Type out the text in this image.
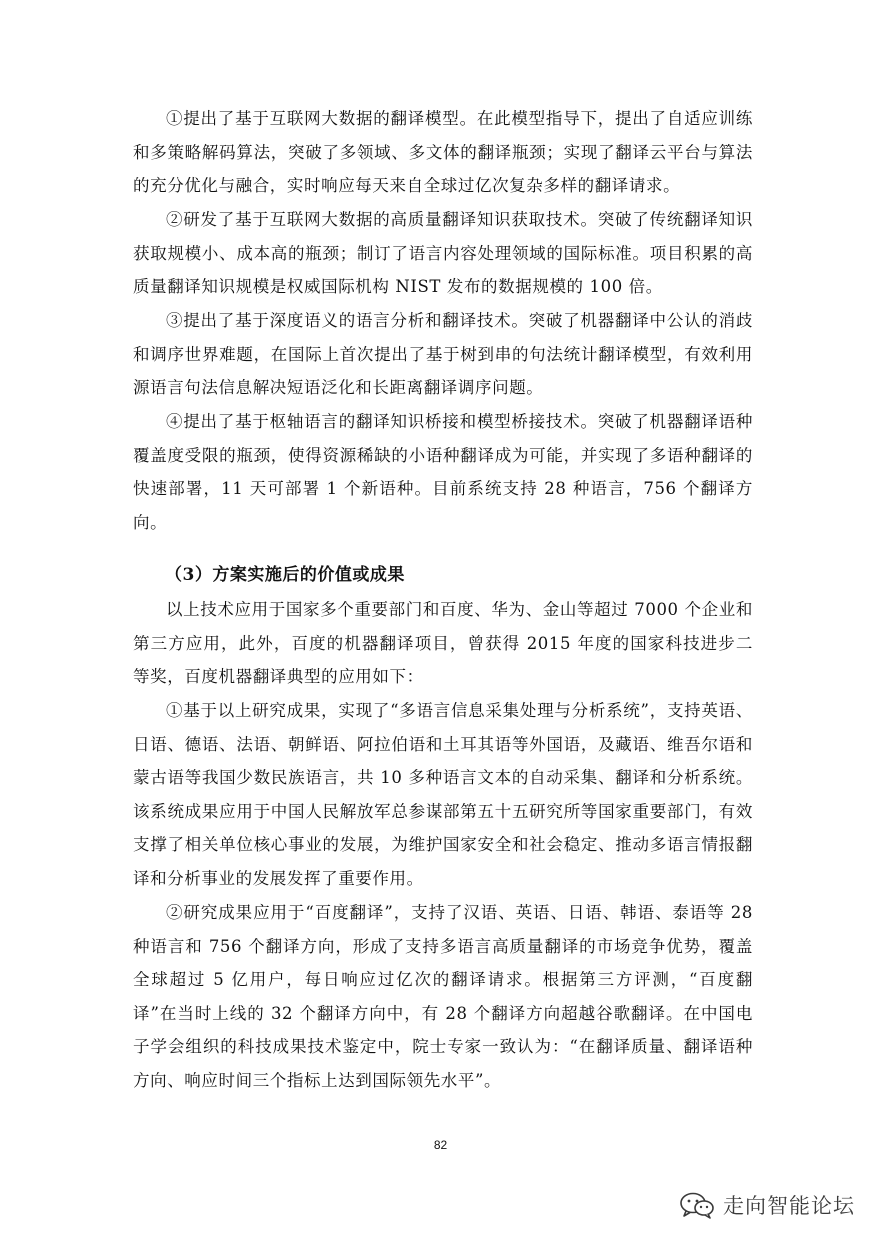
①提出了基于互联网大数据的翻译模型。在此模型指导下，提出了自适应训练和多策略解码算法，突破了多领域、多文体的翻译瓶颈；实现了翻译云平台与算法的充分优化与融合，实时响应每天来自全球过亿次复杂多样的翻译请求。

②研发了基于互联网大数据的高质量翻译知识获取技术。突破了传统翻译知识获取规模小、成本高的瓶颈；制订了语言内容处理领域的国际标准。项目积累的高质量翻译知识规模是权威国际机构 NIST 发布的数据规模的 100 倍。

③提出了基于深度语义的语言分析和翻译技术。突破了机器翻译中公认的消歧和调序世界难题，在国际上首次提出了基于树到串的句法统计翻译模型，有效利用源语言句法信息解决短语泛化和长距离翻译调序问题。

④提出了基于枢轴语言的翻译知识桥接和模型桥接技术。突破了机器翻译语种覆盖度受限的瓶颈，使得资源稀缺的小语种翻译成为可能，并实现了多语种翻译的快速部署，11 天可部署 1 个新语种。目前系统支持 28 种语言，756 个翻译方向。

（3）方案实施后的价值或成果

以上技术应用于国家多个重要部门和百度、华为、金山等超过 7000 个企业和第三方应用，此外，百度的机器翻译项目，曾获得 2015 年度的国家科技进步二等奖，百度机器翻译典型的应用如下：

①基于以上研究成果，实现了“多语言信息采集处理与分析系统”，支持英语、日语、德语、法语、朝鲜语、阿拉伯语和土耳其语等外国语，及藏语、维吾尔语和蒙古语等我国少数民族语言，共 10 多种语言文本的自动采集、翻译和分析系统。该系统成果应用于中国人民解放军总参谋部第五十五研究所等国家重要部门，有效支撑了相关单位核心事业的发展，为维护国家安全和社会稳定、推动多语言情报翻译和分析事业的发展发挥了重要作用。

②研究成果应用于“百度翻译”，支持了汉语、英语、日语、韩语、泰语等 28 种语言和 756 个翻译方向，形成了支持多语言高质量翻译的市场竞争优势，覆盖全球超过 5 亿用户，每日响应过亿次的翻译请求。根据第三方评测，“百度翻译”在当时上线的 32 个翻译方向中，有 28 个翻译方向超越谷歌翻译。在中国电子学会组织的科技成果技术鉴定中，院士专家一致认为：“在翻译质量、翻译语种方向、响应时间三个指标上达到国际领先水平”。

82
走向智能论坛
